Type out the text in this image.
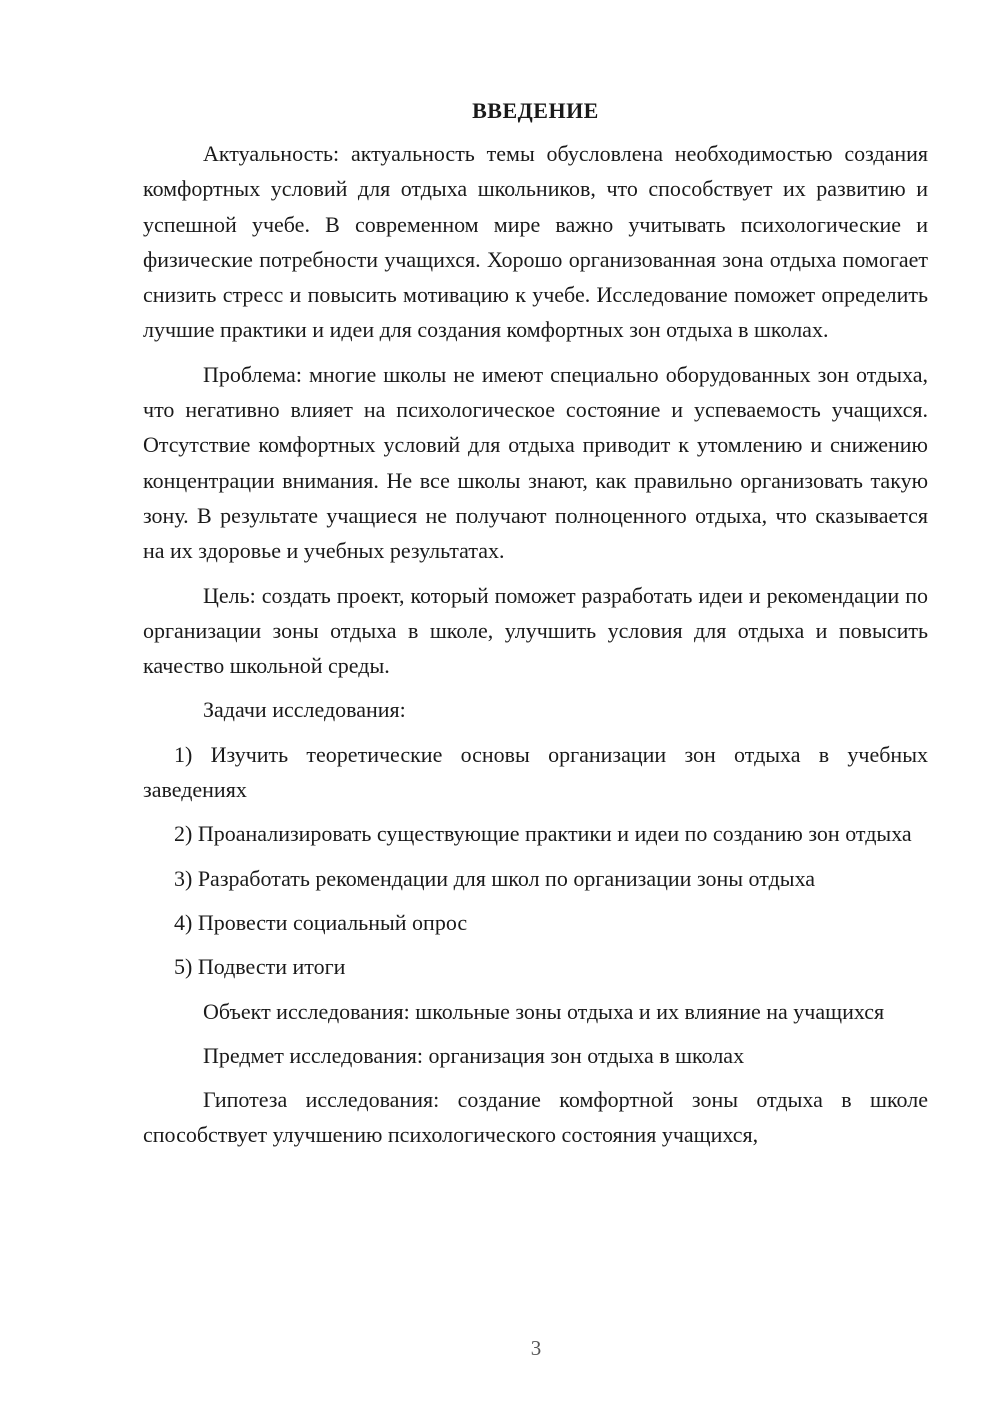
ВВЕДЕНИЕ

Актуальность: актуальность темы обусловлена необходимостью создания комфортных условий для отдыха школьников, что способствует их развитию и успешной учебе. В современном мире важно учитывать психологические и физические потребности учащихся. Хорошо организованная зона отдыха помогает снизить стресс и повысить мотивацию к учебе. Исследование поможет определить лучшие практики и идеи для создания комфортных зон отдыха в школах.

Проблема: многие школы не имеют специально оборудованных зон отдыха, что негативно влияет на психологическое состояние и успеваемость учащихся. Отсутствие комфортных условий для отдыха приводит к утомлению и снижению концентрации внимания. Не все школы знают, как правильно организовать такую зону. В результате учащиеся не получают полноценного отдыха, что сказывается на их здоровье и учебных результатах.

Цель: создать проект, который поможет разработать идеи и рекомендации по организации зоны отдыха в школе, улучшить условия для отдыха и повысить качество школьной среды.

Задачи исследования:

1) Изучить теоретические основы организации зон отдыха в учебных заведениях

2) Проанализировать существующие практики и идеи по созданию зон отдыха

3) Разработать рекомендации для школ по организации зоны отдыха

4) Провести социальный опрос

5) Подвести итоги

Объект исследования: школьные зоны отдыха и их влияние на учащихся

Предмет исследования: организация зон отдыха в школах

Гипотеза исследования: создание комфортной зоны отдыха в школе способствует улучшению психологического состояния учащихся,

3
